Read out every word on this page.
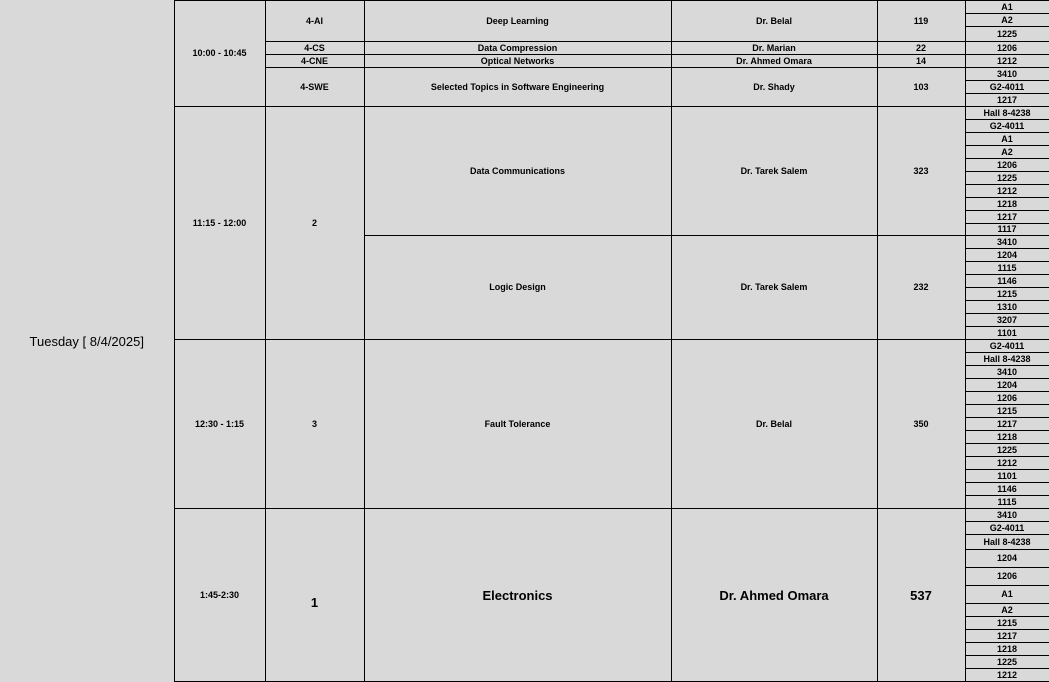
Tuesday [ 8/4/2025]	10:00 - 10:45	4-AI	Deep Learning	Dr. Belal	119	A1
						A2
						1225
		4-CS	Data Compression	Dr. Marian	22	1206
		4-CNE	Optical Networks	Dr. Ahmed Omara	14	1212
		4-SWE	Selected Topics in Software Engineering	Dr. Shady	103	3410
						G2-4011
						1217
	11:15 - 12:00	2	Data Communications	Dr. Tarek Salem	323	Hall 8-4238
						G2-4011
						A1
						A2
						1206
						1225
						1212
						1218
						1217
						1117
			Logic Design	Dr. Tarek Salem	232	3410
						1204
						1115
						1146
						1215
						1310
						3207
						1101
	12:30 - 1:15	3	Fault Tolerance	Dr. Belal	350	G2-4011
						Hall 8-4238
						3410
						1204
						1206
						1215
						1217
						1218
						1225
						1212
						1101
						1146
						1115
	1:45-2:30	1	Electronics	Dr. Ahmed Omara	537	3410
						G2-4011
						Hall 8-4238
						1204
						1206
						A1
						A2
						1215
						1217
						1218
						1225
						1212
